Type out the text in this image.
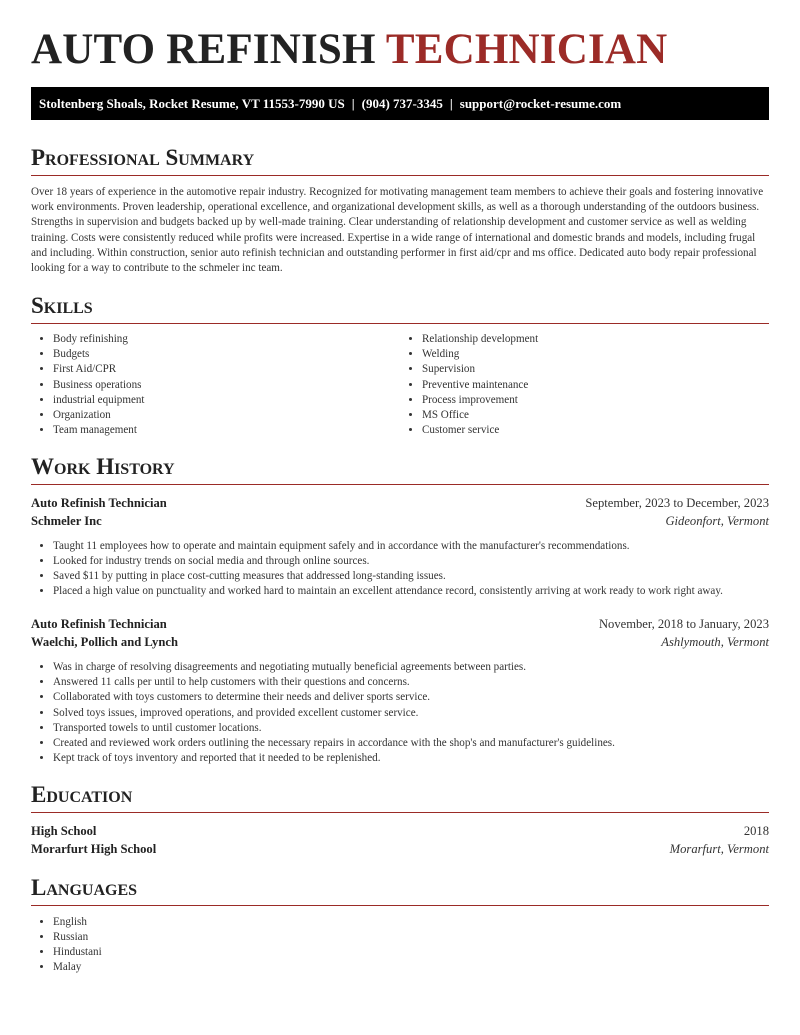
AUTO REFINISH TECHNICIAN
Stoltenberg Shoals, Rocket Resume, VT 11553-7990 US | (904) 737-3345 | support@rocket-resume.com
Professional Summary

Over 18 years of experience in the automotive repair industry. Recognized for motivating management team members to achieve their goals and fostering innovative work environments. Proven leadership, operational excellence, and organizational development skills, as well as a thorough understanding of the outdoors business. Strengths in supervision and budgets backed up by well-made training. Clear understanding of relationship development and customer service as well as welding training. Costs were consistently reduced while profits were increased. Expertise in a wide range of international and domestic brands and models, including frugal and including. Within construction, senior auto refinish technician and outstanding performer in first aid/cpr and ms office. Dedicated auto body repair professional looking for a way to contribute to the schmeler inc team.

Skills
• Body refinishing
• Budgets
• First Aid/CPR
• Business operations
• industrial equipment
• Organization
• Team management
• Relationship development
• Welding
• Supervision
• Preventive maintenance
• Process improvement
• MS Office
• Customer service
Work History
Auto Refinish Technician	September, 2023 to December, 2023
Schmeler Inc	Gideonfort, Vermont
• Taught 11 employees how to operate and maintain equipment safely and in accordance with the manufacturer's recommendations.
• Looked for industry trends on social media and through online sources.
• Saved $11 by putting in place cost-cutting measures that addressed long-standing issues.
• Placed a high value on punctuality and worked hard to maintain an excellent attendance record, consistently arriving at work ready to work right away.
Auto Refinish Technician	November, 2018 to January, 2023
Waelchi, Pollich and Lynch	Ashlymouth, Vermont
• Was in charge of resolving disagreements and negotiating mutually beneficial agreements between parties.
• Answered 11 calls per until to help customers with their questions and concerns.
• Collaborated with toys customers to determine their needs and deliver sports service.
• Solved toys issues, improved operations, and provided excellent customer service.
• Transported towels to until customer locations.
• Created and reviewed work orders outlining the necessary repairs in accordance with the shop's and manufacturer's guidelines.
• Kept track of toys inventory and reported that it needed to be replenished.
Education
High School	2018
Morarfurt High School	Morarfurt, Vermont
Languages
• English
• Russian
• Hindustani
• Malay
